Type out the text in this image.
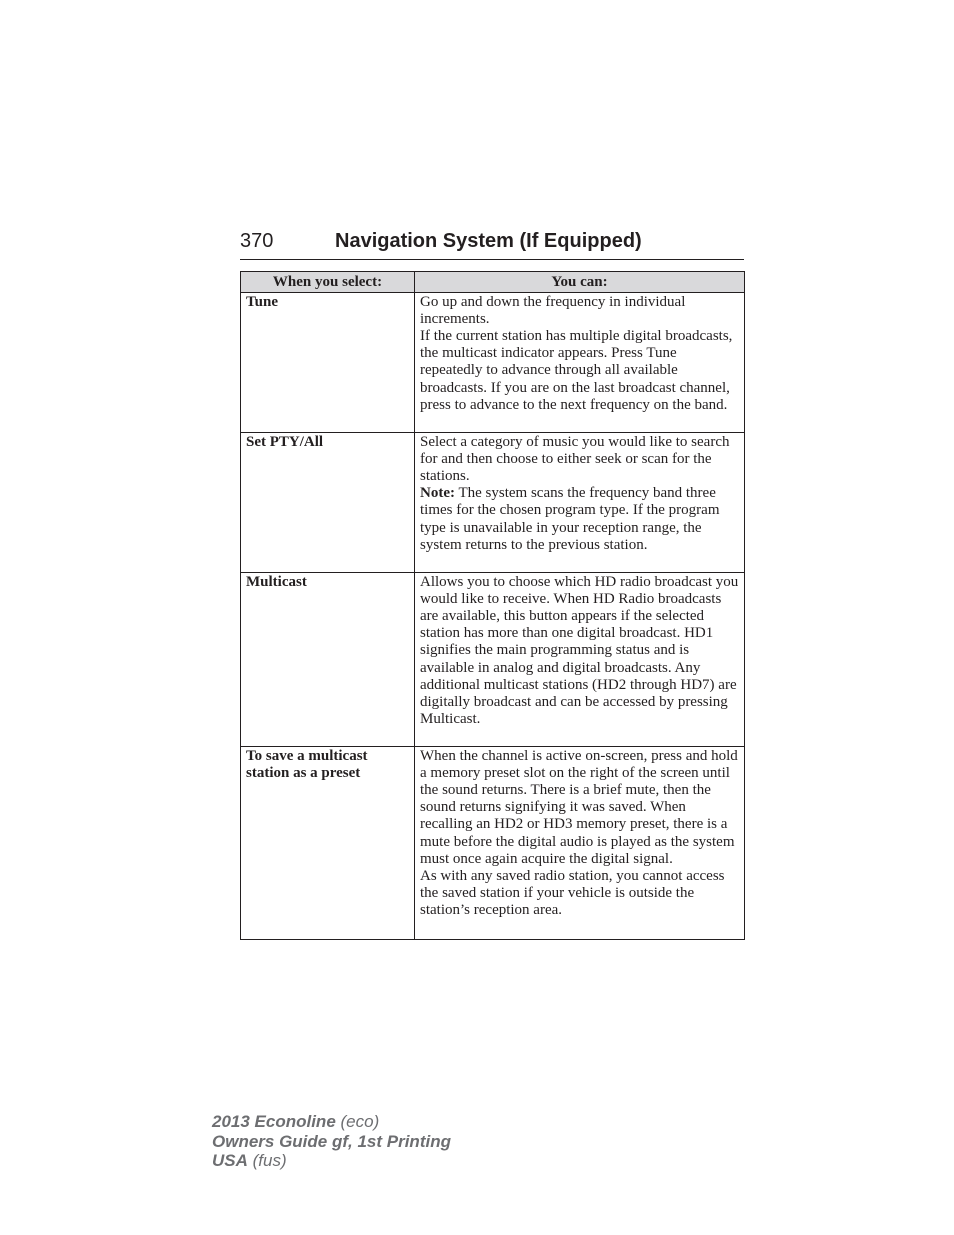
370	Navigation System (If Equipped)
When you select:	You can:
Tune	Go up and down the frequency in individual increments.
If the current station has multiple digital broadcasts, the multicast indicator appears. Press Tune repeatedly to advance through all available broadcasts. If you are on the last broadcast channel, press to advance to the next frequency on the band.

Set PTY/All	Select a category of music you would like to search for and then choose to either seek or scan for the stations.
Note: The system scans the frequency band three times for the chosen program type. If the program type is unavailable in your reception range, the system returns to the previous station.

Multicast	Allows you to choose which HD radio broadcast you would like to receive. When HD Radio broadcasts are available, this button appears if the selected station has more than one digital broadcast. HD1 signifies the main programming status and is available in analog and digital broadcasts. Any additional multicast stations (HD2 through HD7) are digitally broadcast and can be accessed by pressing Multicast.

To save a multicast station as a preset	When the channel is active on-screen, press and hold a memory preset slot on the right of the screen until the sound returns. There is a brief mute, then the sound returns signifying it was saved. When recalling an HD2 or HD3 memory preset, there is a mute before the digital audio is played as the system must once again acquire the digital signal.
As with any saved radio station, you cannot access the saved station if your vehicle is outside the station’s reception area.
2013 Econoline (eco)
Owners Guide gf, 1st Printing
USA (fus)
